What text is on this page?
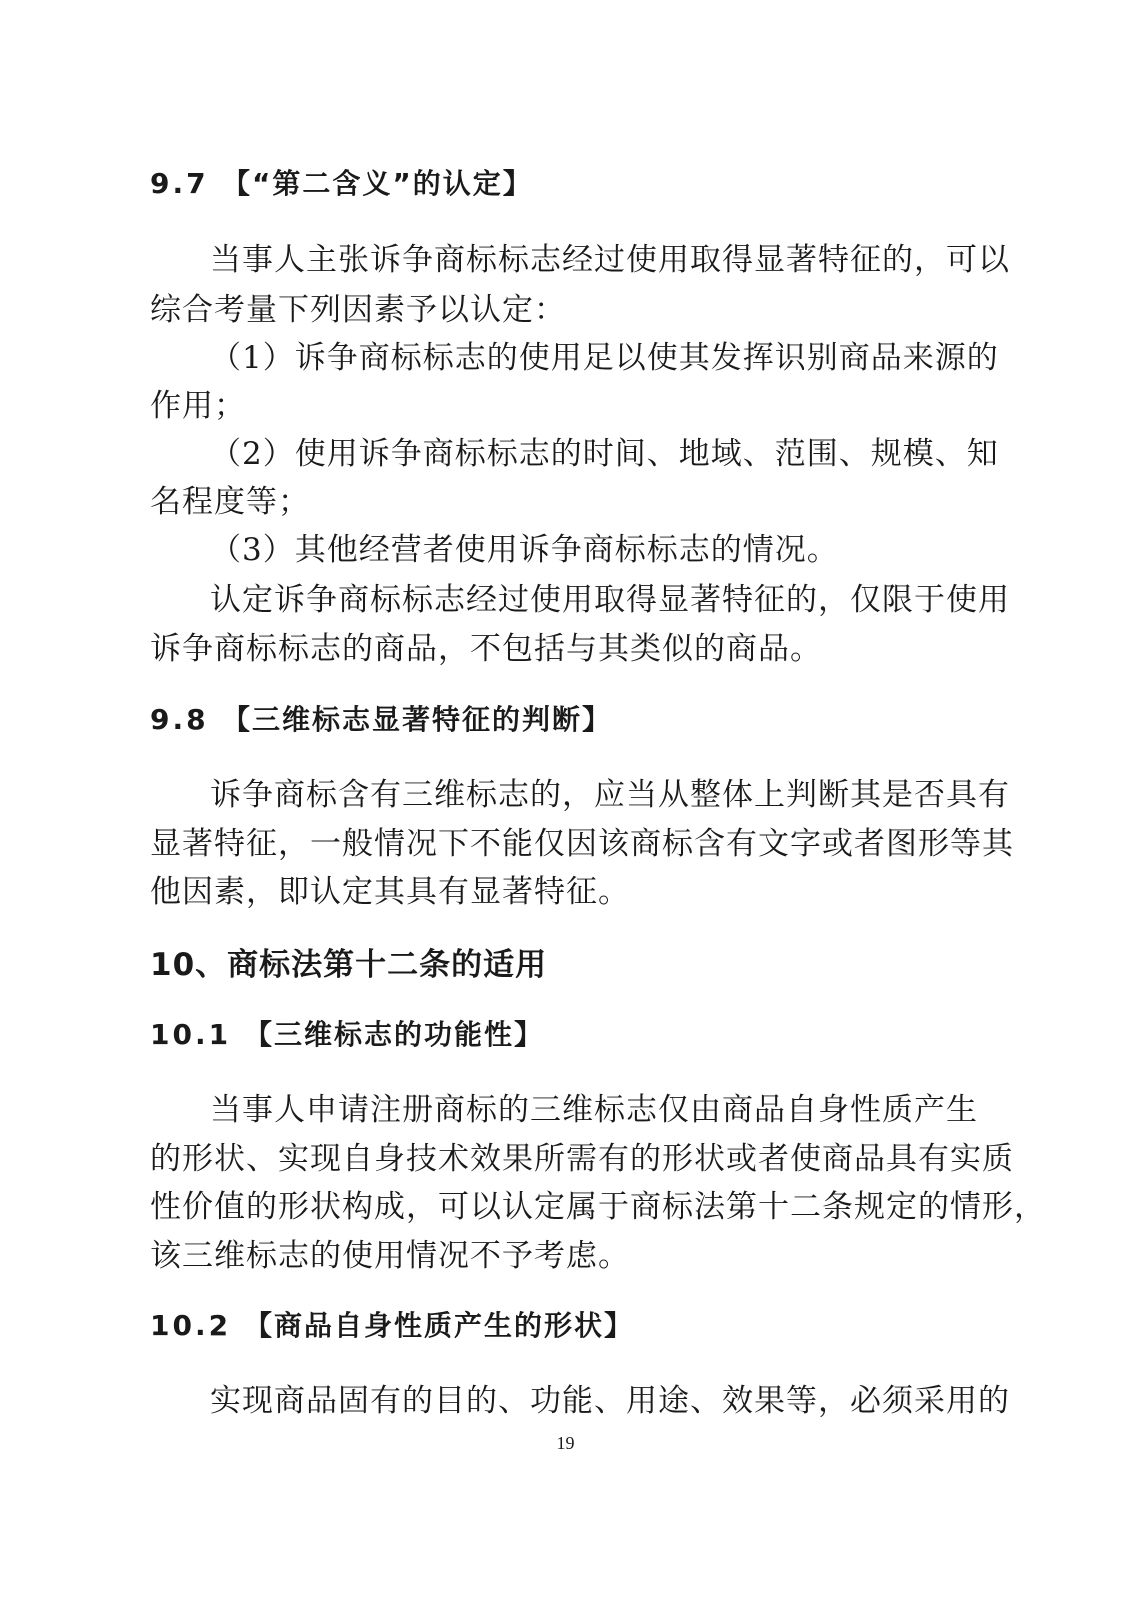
9.7 【“第二含义”的认定】
当事人主张诉争商标标志经过使用取得显著特征的，可以
综合考量下列因素予以认定：
（1）诉争商标标志的使用足以使其发挥识别商品来源的
作用；
（2）使用诉争商标标志的时间、地域、范围、规模、知
名程度等；
（3）其他经营者使用诉争商标标志的情况。
认定诉争商标标志经过使用取得显著特征的，仅限于使用
诉争商标标志的商品，不包括与其类似的商品。
9.8 【三维标志显著特征的判断】
诉争商标含有三维标志的，应当从整体上判断其是否具有
显著特征，一般情况下不能仅因该商标含有文字或者图形等其
他因素，即认定其具有显著特征。
10、商标法第十二条的适用
10.1 【三维标志的功能性】
当事人申请注册商标的三维标志仅由商品自身性质产生
的形状、实现自身技术效果所需有的形状或者使商品具有实质
性价值的形状构成，可以认定属于商标法第十二条规定的情形，
该三维标志的使用情况不予考虑。
10.2 【商品自身性质产生的形状】
实现商品固有的目的、功能、用途、效果等，必须采用的
19
